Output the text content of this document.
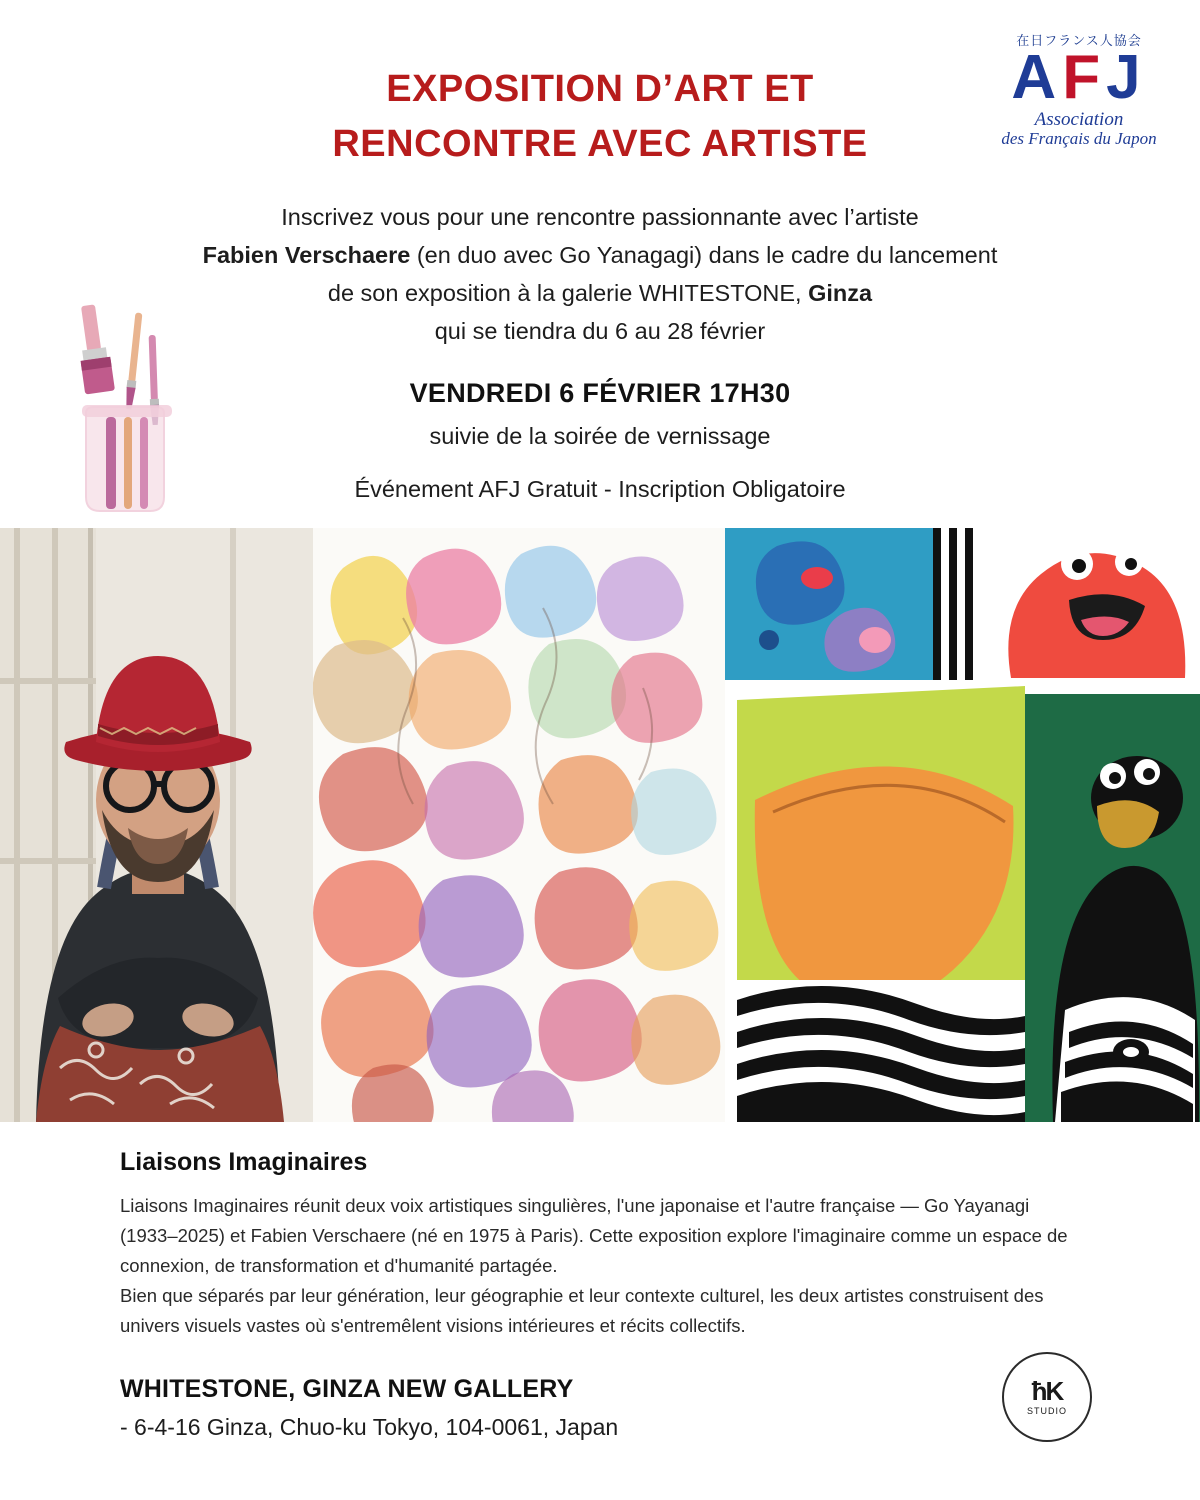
EXPOSITION D’ART ET
RENCONTRE AVEC ARTISTE
在日フランス人協会
AFJ
Association
des Français du Japon
Inscrivez vous pour une rencontre passionnante avec l’artiste
Fabien Verschaere (en duo avec Go Yanagagi) dans le cadre du lancement
de son exposition à la galerie WHITESTONE, Ginza
qui se tiendra du 6 au 28 février
VENDREDI 6 FÉVRIER 17H30
suivie de la soirée de vernissage
Événement AFJ Gratuit - Inscription Obligatoire
Liaisons Imaginaires
Liaisons Imaginaires réunit deux voix artistiques singulières, l'une japonaise et l'autre française — Go Yayanagi (1933–2025) et Fabien Verschaere (né en 1975 à Paris). Cette exposition explore l'imaginaire comme un espace de connexion, de transformation et d'humanité partagée.
Bien que séparés par leur génération, leur géographie et leur contexte culturel, les deux artistes construisent des univers visuels vastes où s'entremêlent visions intérieures et récits collectifs.
WHITESTONE, GINZA NEW GALLERY
- 6-4-16 Ginza, Chuo-ku Tokyo, 104-0061, Japan
ħK
STUDIO
